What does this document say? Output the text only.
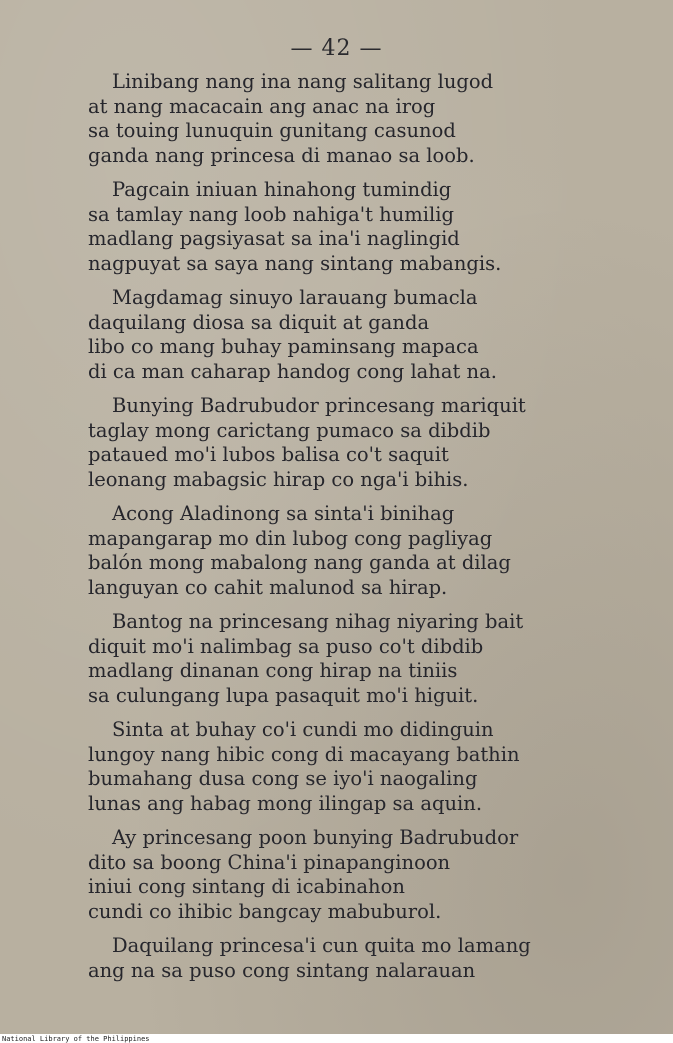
— 42 —
Linibang nang ina nang salitang lugod
at nang macacain ang anac na irog
sa touing lunuquin gunitang casunod
ganda nang princesa di manao sa loob.
Pagcain iniuan hinahong tumindig
sa tamlay nang loob nahiga't humilig
madlang pagsiyasat sa ina'i naglingid
nagpuyat sa saya nang sintang mabangis.
Magdamag sinuyo larauang bumacla
daquilang diosa sa diquit at ganda
libo co mang buhay paminsang mapaca
di ca man caharap handog cong lahat na.
Bunying Badrubudor princesang mariquit
taglay mong carictang pumaco sa dibdib
pataued mo'i lubos balisa co't saquit
leonang mabagsic hirap co nga'i bihis.
Acong Aladinong sa sinta'i binihag
mapangarap mo din lubog cong pagliyag
balón mong mabalong nang ganda at dilag
languyan co cahit malunod sa hirap.
Bantog na princesang nihag niyaring bait
diquit mo'i nalimbag sa puso co't dibdib
madlang dinanan cong hirap na tiniis
sa culungang lupa pasaquit mo'i higuit.
Sinta at buhay co'i cundi mo didinguin
lungoy nang hibic cong di macayang bathin
bumahang dusa cong se iyo'i naogaling
lunas ang habag mong ilingap sa aquin.
Ay princesang poon bunying Badrubudor
dito sa boong China'i pinapanginoon
iniui cong sintang di icabinahon
cundi co ihibic bangcay mabuburol.
Daquilang princesa'i cun quita mo lamang
ang na sa puso cong sintang nalarauan
National Library of the Philippines
